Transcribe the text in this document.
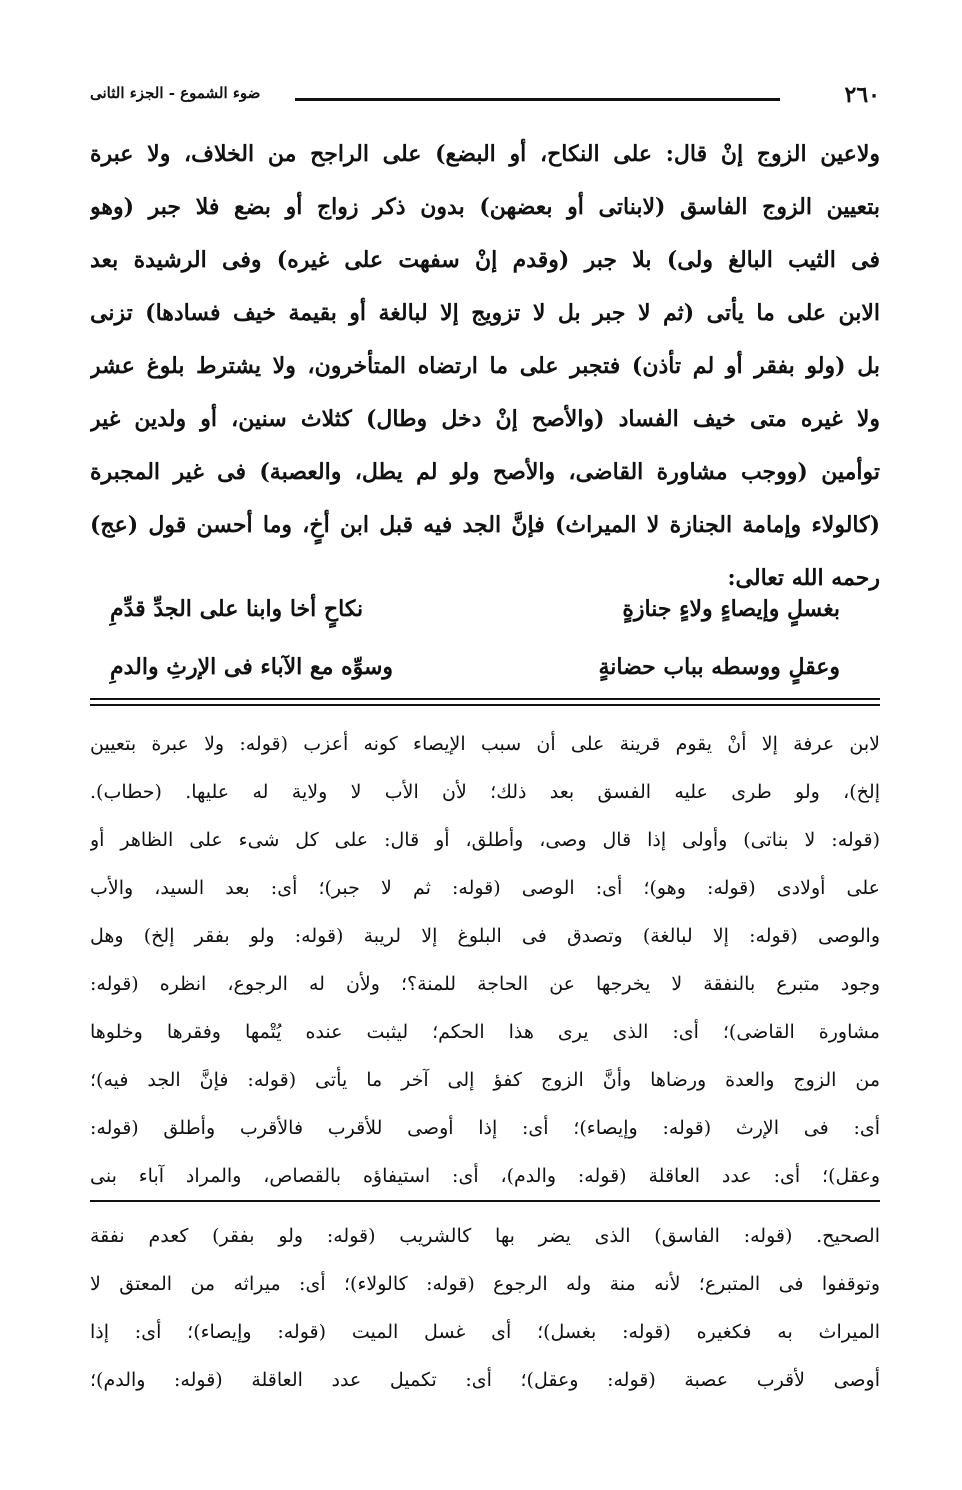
٢٦٠
ضوء الشموع - الجزء الثانى
ولاعين الزوج إنْ قال: على النكاح، أو البضع) على الراجح من الخلاف، ولا عبرة
بتعيين الزوج الفاسق (لابناتى أو بعضهن) بدون ذكر زواج أو بضع فلا جبر (وهو
فى الثيب البالغ ولى) بلا جبر (وقدم إنْ سفهت على غيره) وفى الرشيدة بعد
الابن على ما يأتى (ثم لا جبر بل لا تزويج إلا لبالغة أو بقيمة خيف فسادها) تزنى
بل (ولو بفقر أو لم تأذن) فتجبر على ما ارتضاه المتأخرون، ولا يشترط بلوغ عشر
ولا غيره متى خيف الفساد (والأصح إنْ دخل وطال) كثلاث سنين، أو ولدين غير
توأمين (ووجب مشاورة القاضى، والأصح ولو لم يطل، والعصبة) فى غير المجبرة
(كالولاء وإمامة الجنازة لا الميراث) فإنَّ الجد فيه قبل ابن أخٍ، وما أحسن قول (عج)
رحمه الله تعالى:
بغسلٍ وإيصاءٍ ولاءٍ جنازةٍ
نكاحٍ أخا وابنا على الجدِّ قدِّمِ
وعقلٍ ووسطه بباب حضانةٍ
وسوِّه مع الآباء فى الإرثِ والدمِ
لابن عرفة إلا أنْ يقوم قرينة على أن سبب الإيصاء كونه أعزب (قوله: ولا عبرة بتعيين
إلخ)، ولو طرى عليه الفسق بعد ذلك؛ لأن الأب لا ولاية له عليها. (حطاب).
(قوله: لا بناتى) وأولى إذا قال وصى، وأطلق، أو قال: على كل شىء على الظاهر أو
على أولادى (قوله: وهو)؛ أى: الوصى (قوله: ثم لا جبر)؛ أى: بعد السيد، والأب
والوصى (قوله: إلا لبالغة) وتصدق فى البلوغ إلا لريبة (قوله: ولو بفقر إلخ) وهل
وجود متبرع بالنفقة لا يخرجها عن الحاجة للمنة؟؛ ولأن له الرجوع، انظره (قوله:
مشاورة القاضى)؛ أى: الذى يرى هذا الحكم؛ ليثبت عنده يُتْمها وفقرها وخلوها
من الزوج والعدة ورضاها وأنَّ الزوج كفؤ إلى آخر ما يأتى (قوله: فإنَّ الجد فيه)؛
أى: فى الإرث (قوله: وإيصاء)؛ أى: إذا أوصى للأقرب فالأقرب وأطلق (قوله:
وعقل)؛ أى: عدد العاقلة (قوله: والدم)، أى: استيفاؤه بالقصاص، والمراد آباء بنى
الصحيح. (قوله: الفاسق) الذى يضر بها كالشريب (قوله: ولو بفقر) كعدم نفقة
وتوقفوا فى المتبرع؛ لأنه منة وله الرجوع (قوله: كالولاء)؛ أى: ميراثه من المعتق لا
الميراث به فكغيره (قوله: بغسل)؛ أى غسل الميت (قوله: وإيصاء)؛ أى: إذا
أوصى لأقرب عصبة (قوله: وعقل)؛ أى: تكميل عدد العاقلة (قوله: والدم)؛
